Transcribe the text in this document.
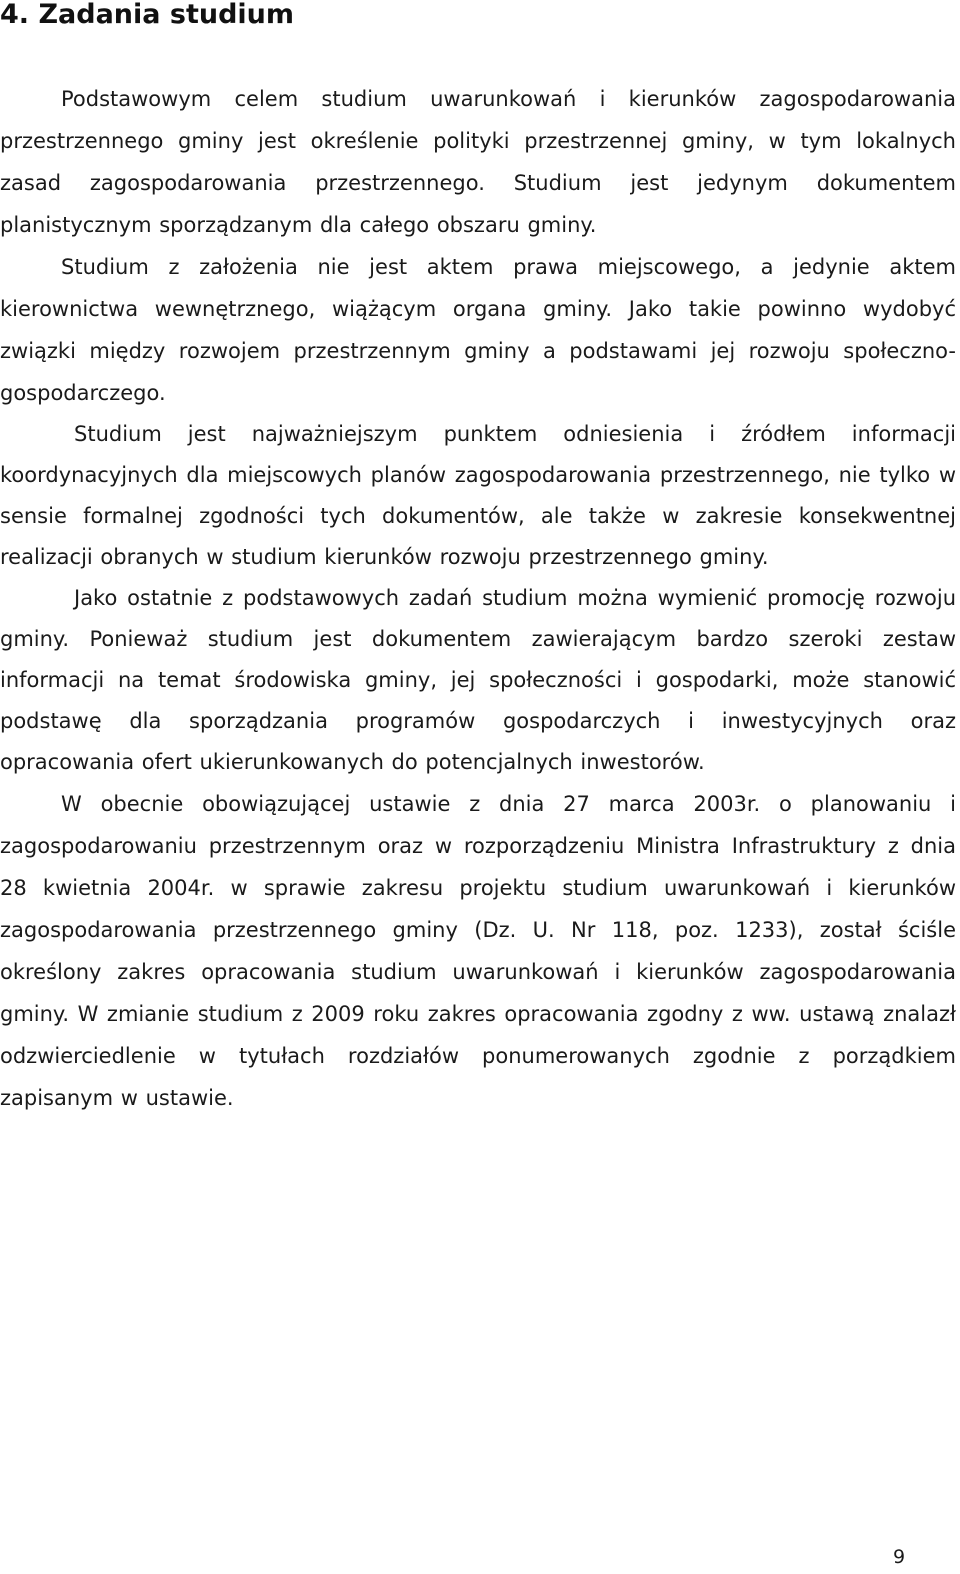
4. Zadania studium

Podstawowym celem studium uwarunkowań i kierunków zagospodarowania przestrzennego gminy jest określenie polityki przestrzennej gminy, w tym lokalnych zasad zagospodarowania przestrzennego. Studium jest jedynym dokumentem planistycznym sporządzanym dla całego obszaru gminy.

Studium z założenia nie jest aktem prawa miejscowego, a jedynie aktem kierownictwa wewnętrznego, wiążącym organa gminy. Jako takie powinno wydobyć związki między rozwojem przestrzennym gminy a podstawami jej rozwoju społeczno-gospodarczego.

Studium jest najważniejszym punktem odniesienia i źródłem informacji koordynacyjnych dla miejscowych planów zagospodarowania przestrzennego, nie tylko w sensie formalnej zgodności tych dokumentów, ale także w zakresie konsekwentnej realizacji obranych w studium kierunków rozwoju przestrzennego gminy.

Jako ostatnie z podstawowych zadań studium można wymienić promocję rozwoju gminy. Ponieważ studium jest dokumentem zawierającym bardzo szeroki zestaw informacji na temat środowiska gminy, jej społeczności i gospodarki, może stanowić podstawę dla sporządzania programów gospodarczych i inwestycyjnych oraz opracowania ofert ukierunkowanych do potencjalnych inwestorów.

W obecnie obowiązującej ustawie z dnia 27 marca 2003r. o planowaniu i zagospodarowaniu przestrzennym oraz w rozporządzeniu Ministra Infrastruktury z dnia 28 kwietnia 2004r. w sprawie zakresu projektu studium uwarunkowań i kierunków zagospodarowania przestrzennego gminy (Dz. U. Nr 118, poz. 1233), został ściśle określony zakres opracowania studium uwarunkowań i kierunków zagospodarowania gminy. W zmianie studium z 2009 roku zakres opracowania zgodny z ww. ustawą znalazł odzwierciedlenie w tytułach rozdziałów ponumerowanych zgodnie z porządkiem zapisanym w ustawie.

9
